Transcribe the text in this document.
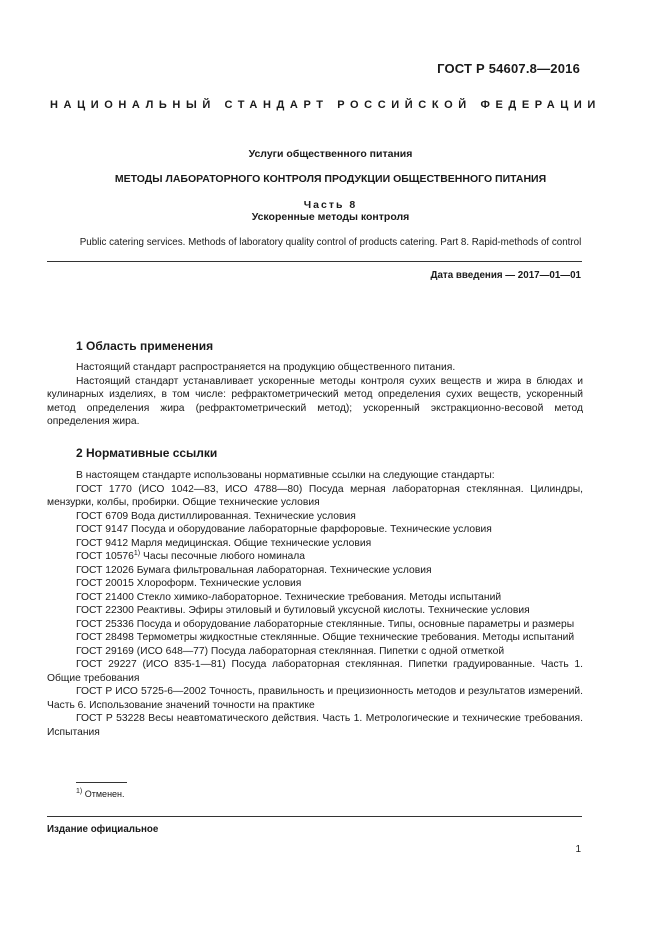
ГОСТ Р 54607.8—2016
НАЦИОНАЛЬНЫЙ СТАНДАРТ РОССИЙСКОЙ ФЕДЕРАЦИИ
Услуги общественного питания
МЕТОДЫ ЛАБОРАТОРНОГО КОНТРОЛЯ ПРОДУКЦИИ ОБЩЕСТВЕННОГО ПИТАНИЯ
Часть 8
Ускоренные методы контроля
Public catering services. Methods of laboratory quality control of products catering. Part 8. Rapid-methods of control
Дата введения — 2017—01—01
1 Область применения

Настоящий стандарт распространяется на продукцию общественного питания.

Настоящий стандарт устанавливает ускоренные методы контроля сухих веществ и жира в блюдах и кулинарных изделиях, в том числе: рефрактометрический метод определения сухих веществ, ускоренный метод определения жира (рефрактометрический метод); ускоренный экстракционно-весовой метод определения жира.

2 Нормативные ссылки

В настоящем стандарте использованы нормативные ссылки на следующие стандарты:

ГОСТ 1770 (ИСО 1042—83, ИСО 4788—80) Посуда мерная лабораторная стеклянная. Цилиндры, мензурки, колбы, пробирки. Общие технические условия

ГОСТ 6709 Вода дистиллированная. Технические условия

ГОСТ 9147 Посуда и оборудование лабораторные фарфоровые. Технические условия

ГОСТ 9412 Марля медицинская. Общие технические условия

ГОСТ 10576$^{1)}$ Часы песочные любого номинала

ГОСТ 12026 Бумага фильтровальная лабораторная. Технические условия

ГОСТ 20015 Хлороформ. Технические условия

ГОСТ 21400 Стекло химико-лабораторное. Технические требования. Методы испытаний

ГОСТ 22300 Реактивы. Эфиры этиловый и бутиловый уксусной кислоты. Технические условия

ГОСТ 25336 Посуда и оборудование лабораторные стеклянные. Типы, основные параметры и размеры

ГОСТ 28498 Термометры жидкостные стеклянные. Общие технические требования. Методы испытаний

ГОСТ 29169 (ИСО 648—77) Посуда лабораторная стеклянная. Пипетки с одной отметкой

ГОСТ 29227 (ИСО 835-1—81) Посуда лабораторная стеклянная. Пипетки градуированные. Часть 1. Общие требования

ГОСТ Р ИСО 5725-6—2002 Точность, правильность и прецизионность методов и результатов измерений. Часть 6. Использование значений точности на практике

ГОСТ Р 53228 Весы неавтоматического действия. Часть 1. Метрологические и технические требования. Испытания

$^{1)}$ Отменен.
Издание официальное
1
